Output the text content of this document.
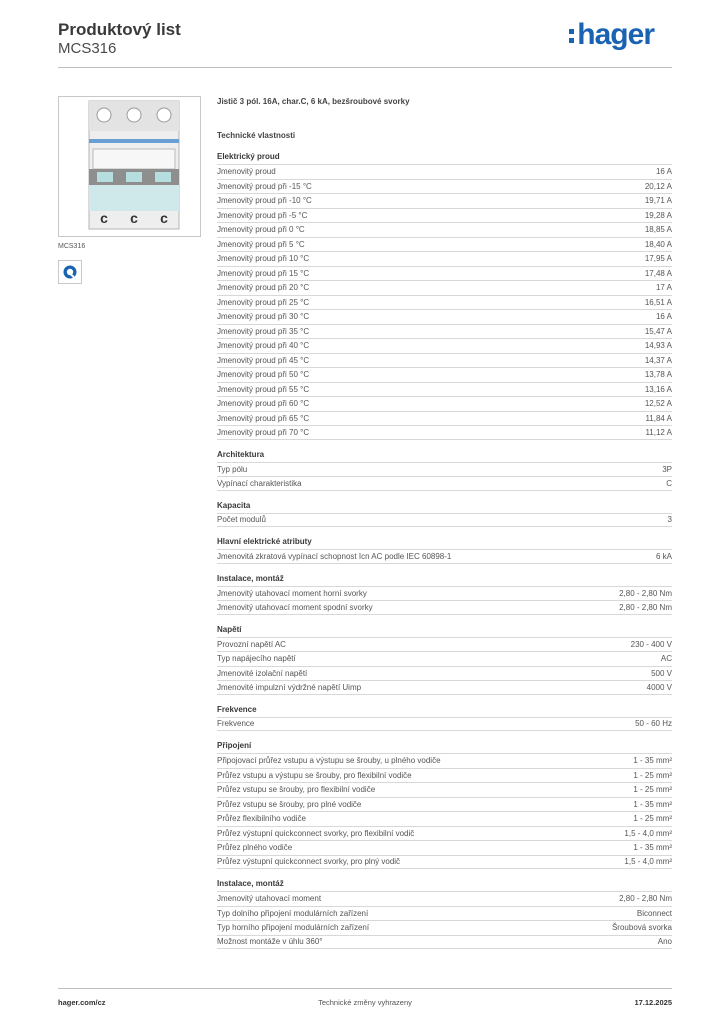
Produktový list
MCS316	hager
c c c
MCS316
Jistič 3 pól. 16A, char.C, 6 kA, bezšroubové svorky
Technické vlastnosti
Elektrický proud
Jmenovitý proud	16 A
Jmenovitý proud při -15 °C	20,12 A
Jmenovitý proud při -10 °C	19,71 A
Jmenovitý proud při -5 °C	19,28 A
Jmenovitý proud při 0 °C	18,85 A
Jmenovitý proud při 5 °C	18,40 A
Jmenovitý proud při 10 °C	17,95 A
Jmenovitý proud při 15 °C	17,48 A
Jmenovitý proud při 20 °C	17 A
Jmenovitý proud při 25 °C	16,51 A
Jmenovitý proud při 30 °C	16 A
Jmenovitý proud při 35 °C	15,47 A
Jmenovitý proud při 40 °C	14,93 A
Jmenovitý proud při 45 °C	14,37 A
Jmenovitý proud při 50 °C	13,78 A
Jmenovitý proud při 55 °C	13,16 A
Jmenovitý proud při 60 °C	12,52 A
Jmenovitý proud při 65 °C	11,84 A
Jmenovitý proud při 70 °C	11,12 A
Architektura
Typ pólu	3P
Vypínací charakteristika	C
Kapacita
Počet modulů	3
Hlavní elektrické atributy
Jmenovitá zkratová vypínací schopnost Icn AC podle IEC 60898-1	6 kA
Instalace, montáž
Jmenovitý utahovací moment horní svorky	2,80 - 2,80 Nm
Jmenovitý utahovací moment spodní svorky	2,80 - 2,80 Nm
Napětí
Provozní napětí AC	230 - 400 V
Typ napájecího napětí	AC
Jmenovité izolační napětí	500 V
Jmenovité impulzní výdržné napětí Uimp	4000 V
Frekvence
Frekvence	50 - 60 Hz
Připojení
Připojovací průřez vstupu a výstupu se šrouby, u plného vodiče	1 - 35 mm²
Průřez vstupu a výstupu se šrouby, pro flexibilní vodiče	1 - 25 mm²
Průřez vstupu se šrouby, pro flexibilní vodiče	1 - 25 mm²
Průřez vstupu se šrouby, pro plné vodiče	1 - 35 mm²
Průřez flexibilního vodiče	1 - 25 mm²
Průřez výstupní quickconnect svorky, pro flexibilní vodič	1,5 - 4,0 mm²
Průřez plného vodiče	1 - 35 mm²
Průřez výstupní quickconnect svorky, pro plný vodič	1,5 - 4,0 mm²
Instalace, montáž
Jmenovitý utahovací moment	2,80 - 2,80 Nm
Typ dolního připojení modulárních zařízení	Biconnect
Typ horního připojení modulárních zařízení	Šroubová svorka
Možnost montáže v úhlu 360°	Ano
hager.com/cz	Technické změny vyhrazeny	17.12.2025
